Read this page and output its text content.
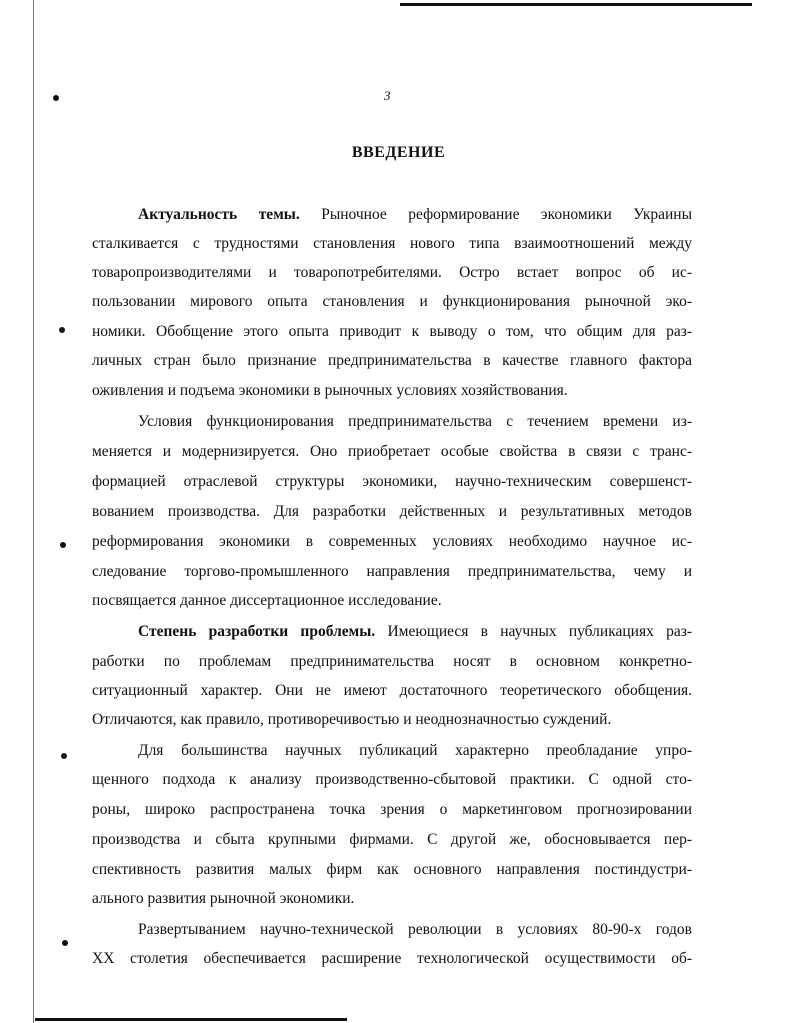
3
ВВЕДЕНИЕ
Актуальность темы. Рыночное реформирование экономики Украины
сталкивается с трудностями становления нового типа взаимоотношений между
товаропроизводителями и товаропотребителями. Остро встает вопрос об ис-
пользовании мирового опыта становления и функционирования рыночной эко-
номики. Обобщение этого опыта приводит к выводу о том, что общим для раз-
личных стран было признание предпринимательства в качестве главного фактора
оживления и подъема экономики в рыночных условиях хозяйствования.
Условия функционирования предпринимательства с течением времени из-
меняется и модернизируется. Оно приобретает особые свойства в связи с транс-
формацией отраслевой структуры экономики, научно-техническим совершенст-
вованием производства. Для разработки действенных и результативных методов
реформирования экономики в современных условиях необходимо научное ис-
следование торгово-промышленного направления предпринимательства, чему и
посвящается данное диссертационное исследование.
Степень разработки проблемы. Имеющиеся в научных публикациях раз-
работки по проблемам предпринимательства носят в основном конкретно-
ситуационный характер. Они не имеют достаточного теоретического обобщения.
Отличаются, как правило, противоречивостью и неоднозначностью суждений.
Для большинства научных публикаций характерно преобладание упро-
щенного подхода к анализу производственно-сбытовой практики. С одной сто-
роны, широко распространена точка зрения о маркетинговом прогнозировании
производства и сбыта крупными фирмами. С другой же, обосновывается пер-
спективность развития малых фирм как основного направления постиндустри-
ального развития рыночной экономики.
Развертыванием научно-технической революции в условиях 80-90-х годов
XX столетия обеспечивается расширение технологической осуществимости об-
